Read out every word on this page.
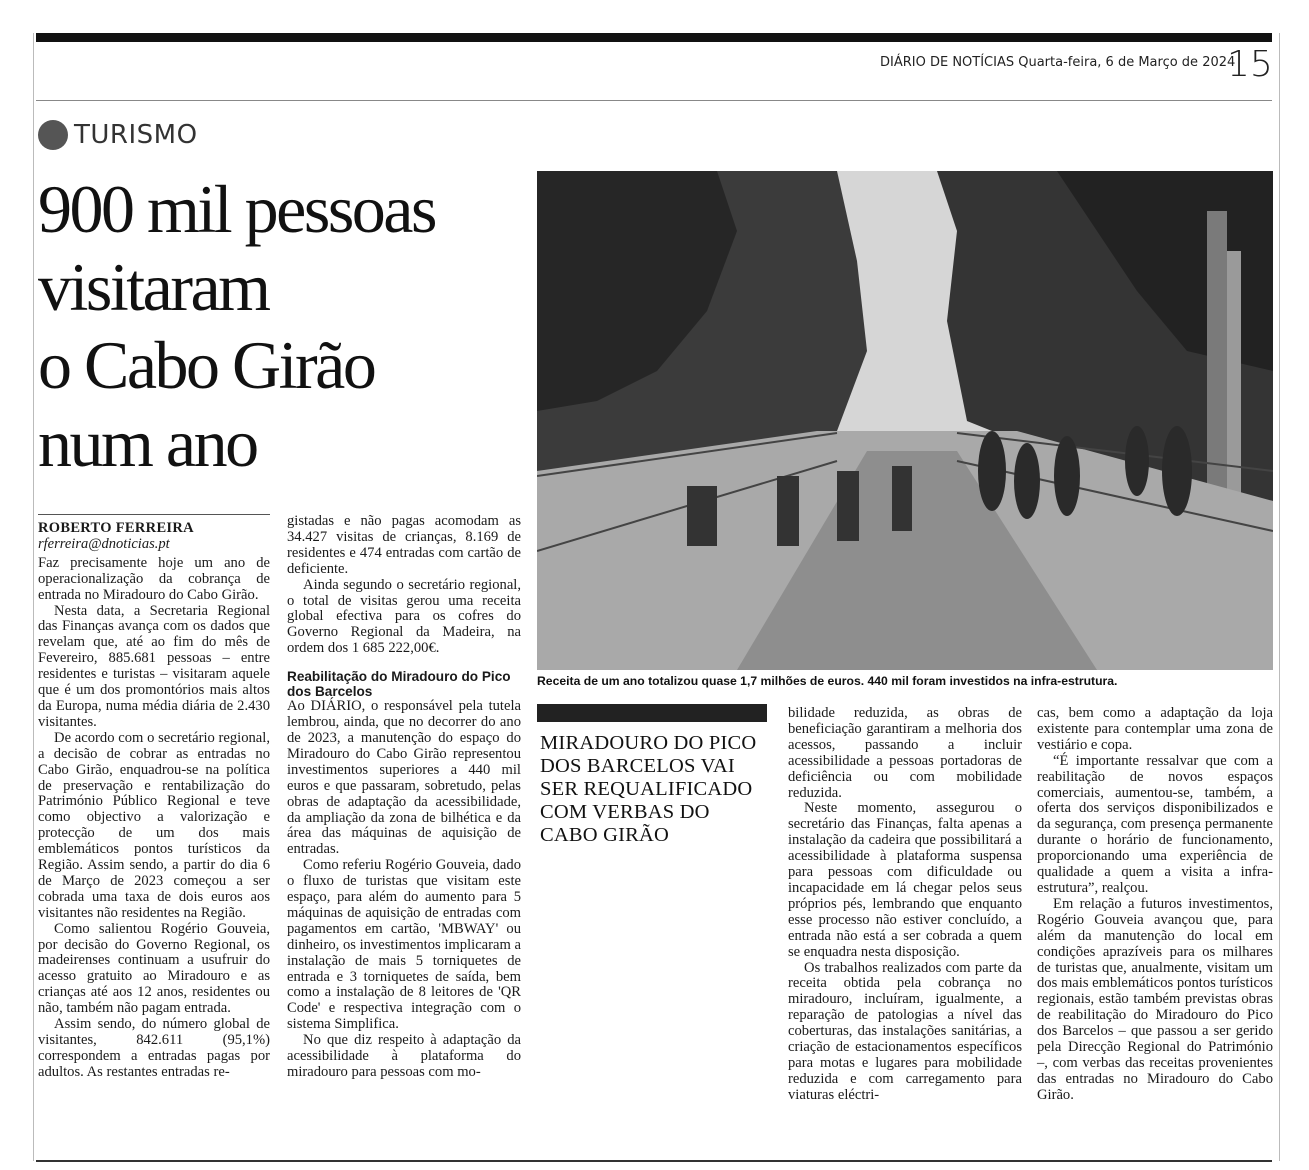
DIÁRIO DE NOTÍCIAS Quarta-feira, 6 de Março de 2024
15
TURISMO
900 mil pessoas
visitaram
o Cabo Girão
num ano
ROBERTO FERREIRA
rferreira@dnoticias.pt

Faz precisamente hoje um ano de operacionalização da cobrança de entrada no Miradouro do Cabo Girão.

Nesta data, a Secretaria Regional das Finanças avança com os dados que revelam que, até ao fim do mês de Fevereiro, 885.681 pessoas – entre residentes e turistas – visitaram aquele que é um dos promontórios mais altos da Europa, numa média diária de 2.430 visitantes.

De acordo com o secretário regional, a decisão de cobrar as entradas no Cabo Girão, enquadrou-se na política de preservação e rentabilização do Património Público Regional e teve como objectivo a valorização e protecção de um dos mais emblemáticos pontos turísticos da Região. Assim sendo, a partir do dia 6 de Março de 2023 começou a ser cobrada uma taxa de dois euros aos visitantes não residentes na Região.

Como salientou Rogério Gouveia, por decisão do Governo Regional, os madeirenses continuam a usufruir do acesso gratuito ao Miradouro e as crianças até aos 12 anos, residentes ou não, também não pagam entrada.

Assim sendo, do número global de visitantes, 842.611 (95,1%) correspondem a entradas pagas por adultos. As restantes entradas re-

gistadas e não pagas acomodam as 34.427 visitas de crianças, 8.169 de residentes e 474 entradas com cartão de deficiente.

Ainda segundo o secretário regional, o total de visitas gerou uma receita global efectiva para os cofres do Governo Regional da Madeira, na ordem dos 1 685 222,00€.

Reabilitação do Miradouro do Pico dos Barcelos

Ao DIÁRIO, o responsável pela tutela lembrou, ainda, que no decorrer do ano de 2023, a manutenção do espaço do Miradouro do Cabo Girão representou investimentos superiores a 440 mil euros e que passaram, sobretudo, pelas obras de adaptação da acessibilidade, da ampliação da zona de bilhética e da área das máquinas de aquisição de entradas.

Como referiu Rogério Gouveia, dado o fluxo de turistas que visitam este espaço, para além do aumento para 5 máquinas de aquisição de entradas com pagamentos em cartão, 'MBWAY' ou dinheiro, os investimentos implicaram a instalação de mais 5 torniquetes de entrada e 3 torniquetes de saída, bem como a instalação de 8 leitores de 'QR Code' e respectiva integração com o sistema Simplifica.

No que diz respeito à adaptação da acessibilidade à plataforma do miradouro para pessoas com mo-

Receita de um ano totalizou quase 1,7 milhões de euros. 440 mil foram investidos na infra-estrutura.
MIRADOURO DO PICO DOS BARCELOS VAI SER REQUALIFICADO COM VERBAS DO CABO GIRÃO

bilidade reduzida, as obras de beneficiação garantiram a melhoria dos acessos, passando a incluir acessibilidade a pessoas portadoras de deficiência ou com mobilidade reduzida.

Neste momento, assegurou o secretário das Finanças, falta apenas a instalação da cadeira que possibilitará a acessibilidade à plataforma suspensa para pessoas com dificuldade ou incapacidade em lá chegar pelos seus próprios pés, lembrando que enquanto esse processo não estiver concluído, a entrada não está a ser cobrada a quem se enquadra nesta disposição.

Os trabalhos realizados com parte da receita obtida pela cobrança no miradouro, incluíram, igualmente, a reparação de patologias a nível das coberturas, das instalações sanitárias, a criação de estacionamentos específicos para motas e lugares para mobilidade reduzida e com carregamento para viaturas eléctri-

cas, bem como a adaptação da loja existente para contemplar uma zona de vestiário e copa.

“É importante ressalvar que com a reabilitação de novos espaços comerciais, aumentou-se, também, a oferta dos serviços disponibilizados e da segurança, com presença permanente durante o horário de funcionamento, proporcionando uma experiência de qualidade a quem a visita a infra-estrutura”, realçou.

Em relação a futuros investimentos, Rogério Gouveia avançou que, para além da manutenção do local em condições aprazíveis para os milhares de turistas que, anualmente, visitam um dos mais emblemáticos pontos turísticos regionais, estão também previstas obras de reabilitação do Miradouro do Pico dos Barcelos – que passou a ser gerido pela Direcção Regional do Património –, com verbas das receitas provenientes das entradas no Miradouro do Cabo Girão.
